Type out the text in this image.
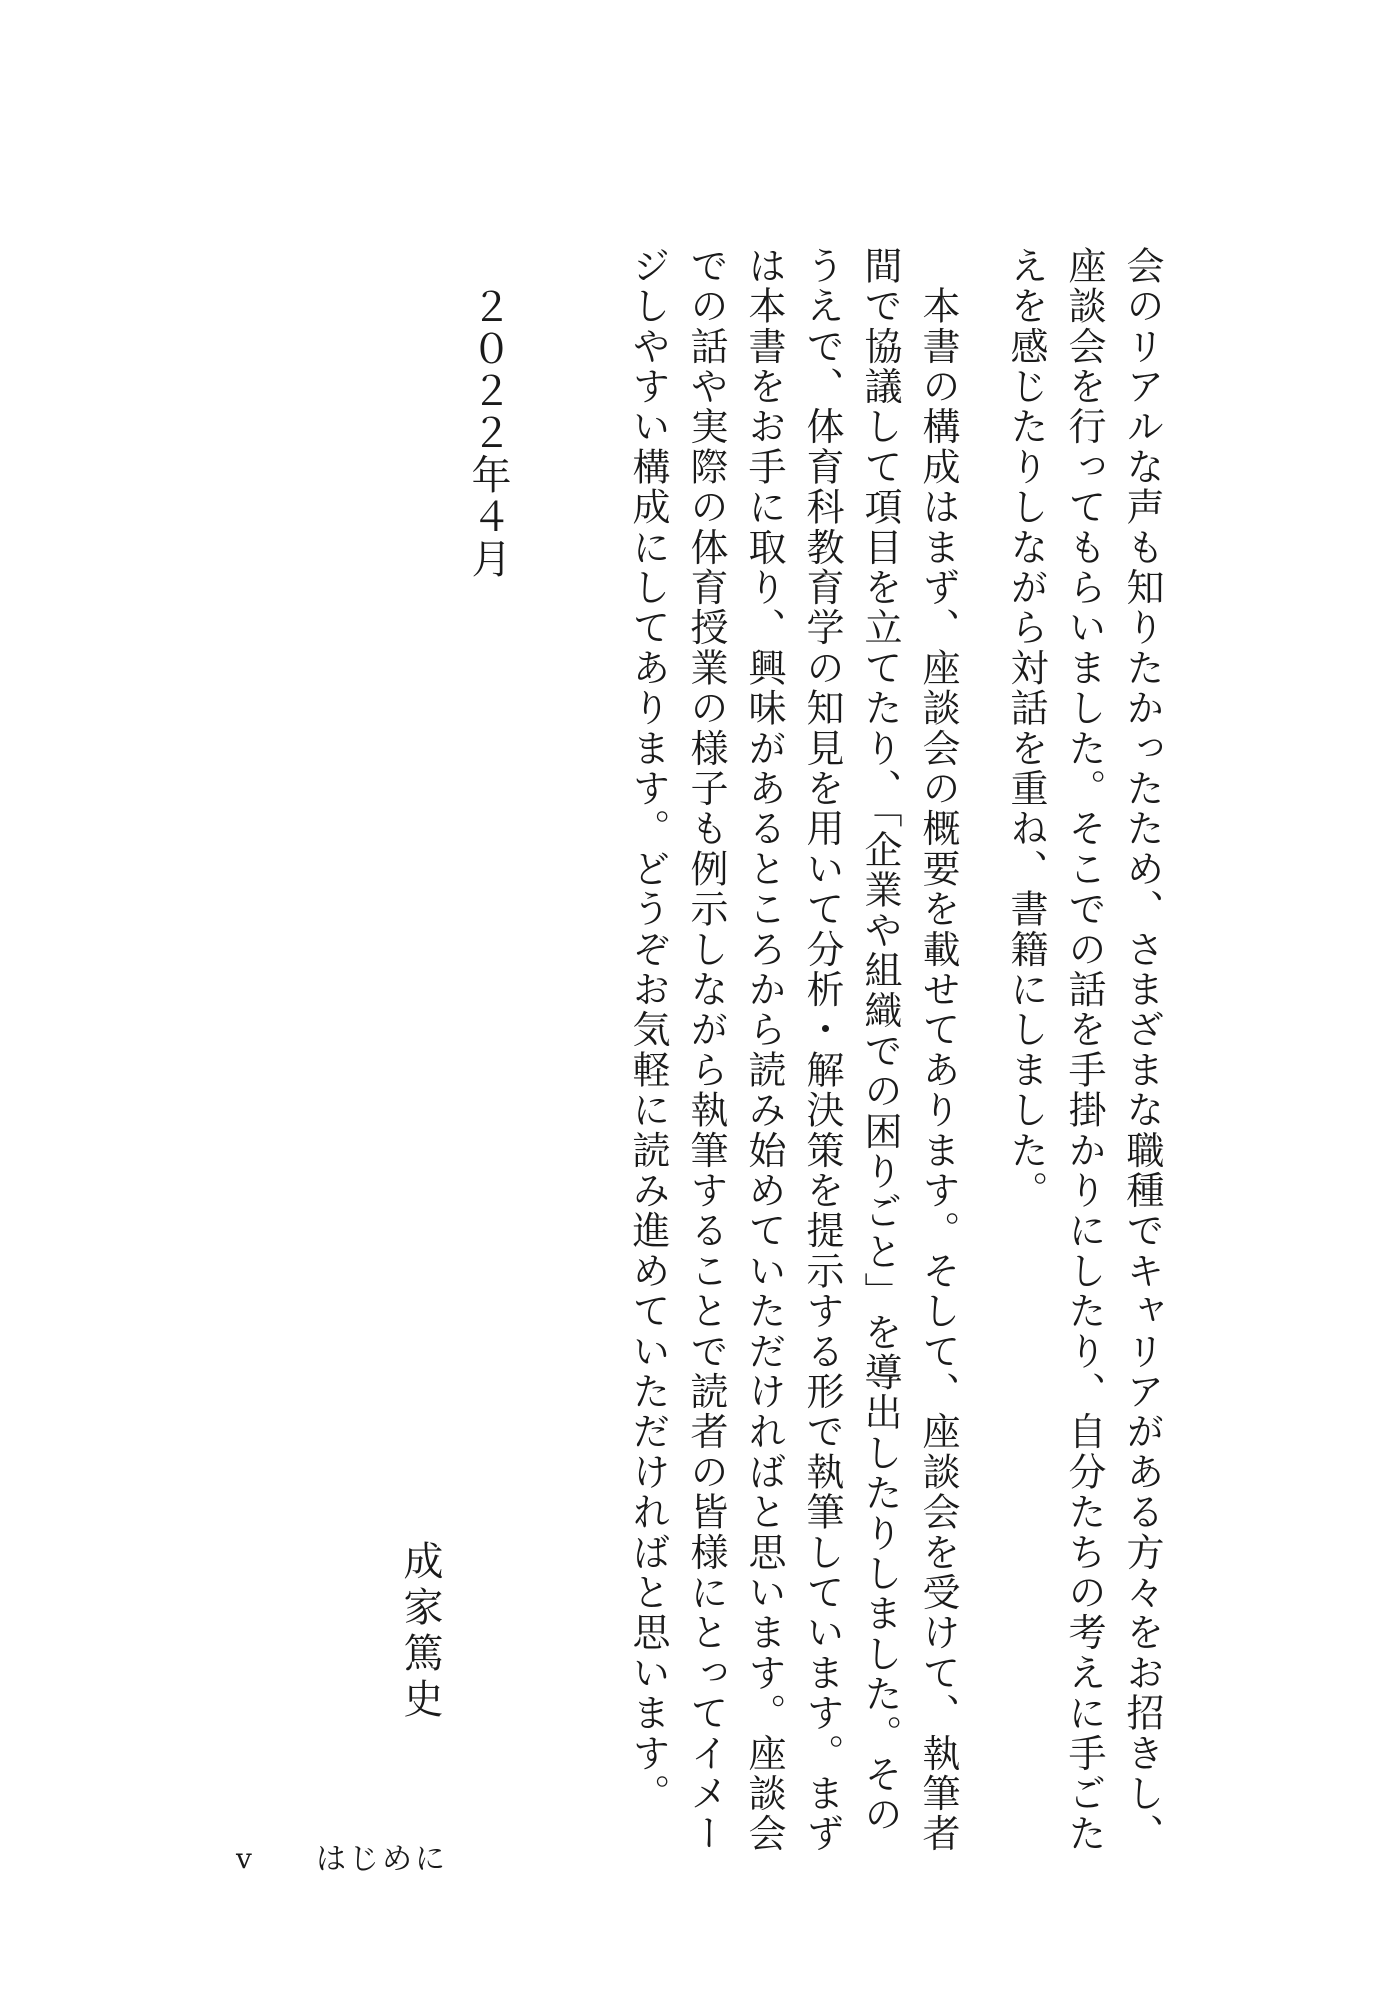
会のリアルな声も知りたかったため、さまざまな職種でキャリアがある方々をお招きし、
座談会を行ってもらいました。そこでの話を手掛かりにしたり、自分たちの考えに手ごた
えを感じたりしながら対話を重ね、書籍にしました。
　本書の構成はまず、座談会の概要を載せてあります。そして、座談会を受けて、執筆者
間で協議して項目を立てたり、「企業や組織での困りごと」を導出したりしました。その
うえで、体育科教育学の知見を用いて分析・解決策を提示する形で執筆しています。まず
は本書をお手に取り、興味があるところから読み始めていただければと思います。座談会
での話や実際の体育授業の様子も例示しながら執筆することで読者の皆様にとってイメー
ジしやすい構成にしてあります。どうぞお気軽に読み進めていただければと思います。
成家篤史
２０２２年４月
v はじめに
